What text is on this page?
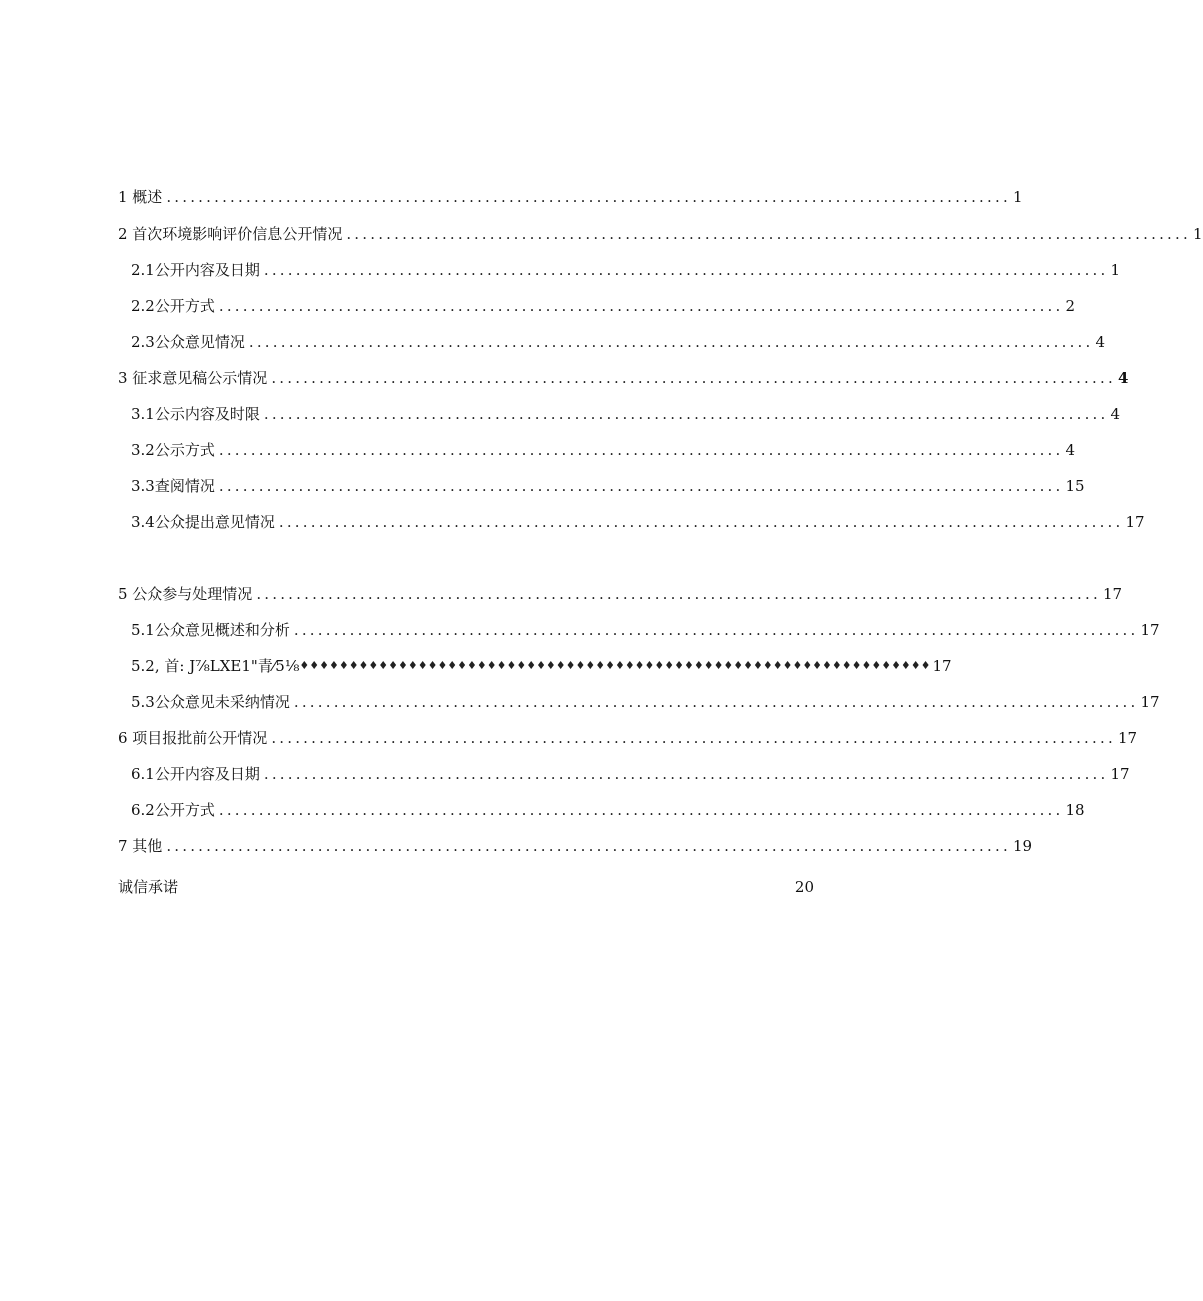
1 概述 .......................................................................................................... 1
2 首次环境影响评价信息公开情况 .......................................................................................................... 1
2.1 公开内容及日期 .......................................................................................................... 1
2.2 公开方式 .......................................................................................................... 2
2.3 公众意见情况 .......................................................................................................... 4
3 征求意见稿公示情况 .......................................................................................................... 4
3.1 公示内容及时限 .......................................................................................................... 4
3.2 公示方式 .......................................................................................................... 4
3.3 查阅情况 .......................................................................................................... 15
3.4 公众提出意见情况 .......................................................................................................... 17
5 公众参与处理情况 .......................................................................................................... 17
5.1 公众意见概述和分析 .......................................................................................................... 17
5.2 , 首: J⅞LXE1"青⁄5⅛ ♦♦♦♦♦♦♦♦♦♦♦♦♦♦♦♦♦♦♦♦♦♦♦♦♦♦♦♦♦♦♦♦♦♦♦♦♦♦♦♦♦♦♦♦♦♦♦♦♦♦♦♦♦♦♦♦♦♦♦♦♦♦♦♦ 17
5.3 公众意见未采纳情况 .......................................................................................................... 17
6 项目报批前公开情况 .......................................................................................................... 17
6.1 公开内容及日期 .......................................................................................................... 17
6.2 公开方式 .......................................................................................................... 18
7 其他 .......................................................................................................... 19
诚信承诺	20
